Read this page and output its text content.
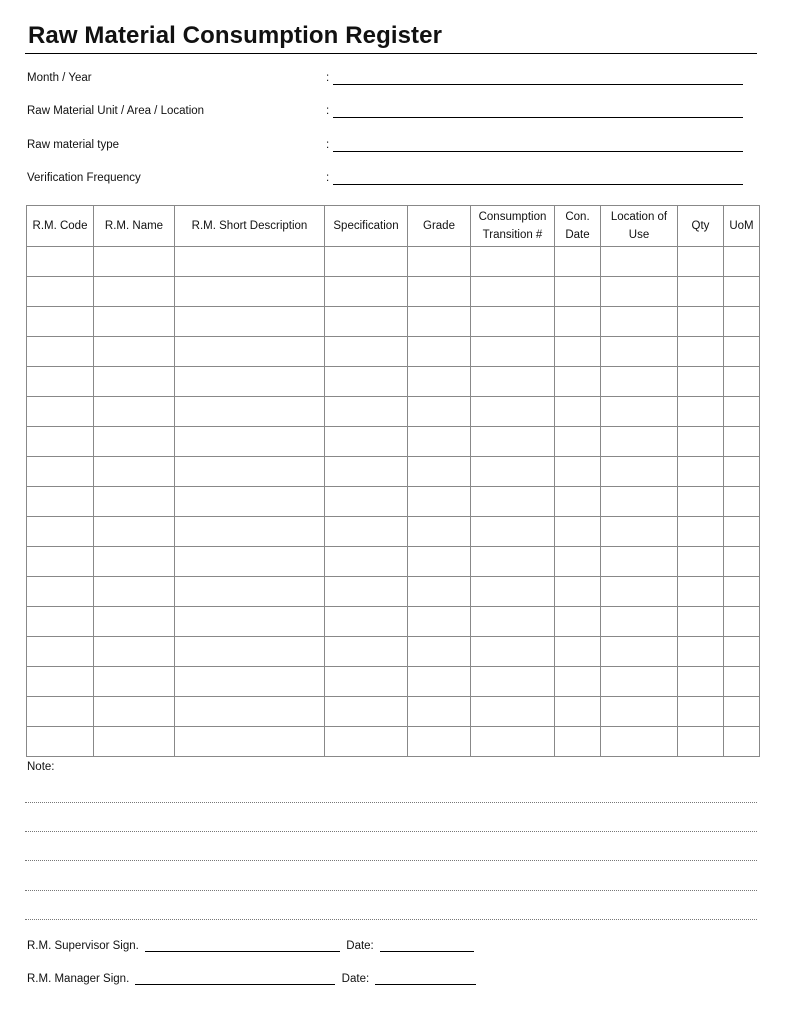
Raw Material Consumption Register
Month / Year	:
Raw Material Unit / Area / Location	:
Raw material type	:
Verification Frequency	:
R.M. Code	R.M. Name	R.M. Short Description	Specification	Grade	Consumption Transition #	Con. Date	Location of Use	Qty	UoM

Note:
R.M. Supervisor Sign.	Date:
R.M. Manager Sign.	Date:
